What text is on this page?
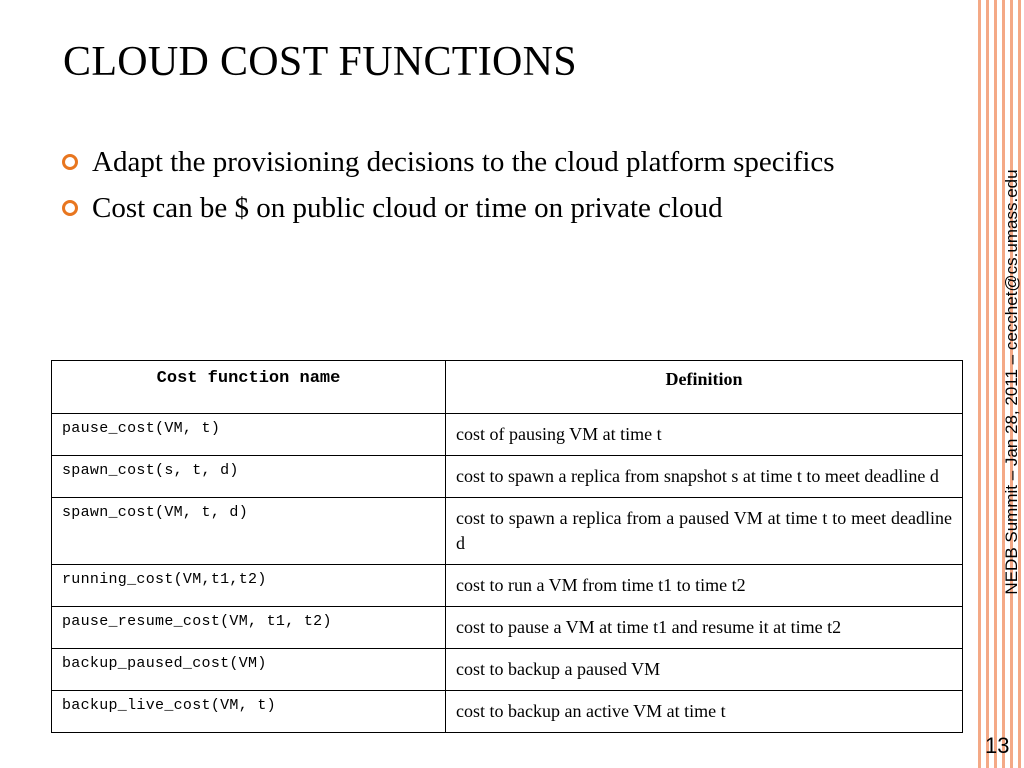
CLOUD COST FUNCTIONS
Adapt the provisioning decisions to the cloud platform specifics
Cost can be $ on public cloud or time on private cloud
Cost function name	Definition
pause_cost(VM, t)	cost of pausing VM at time t
spawn_cost(s, t, d)	cost to spawn a replica from snapshot s at time t to meet deadline d
spawn_cost(VM, t, d)	cost to spawn a replica from a paused VM at time t to meet deadline d
running_cost(VM,t1,t2)	cost to run a VM from time t1 to time t2
pause_resume_cost(VM, t1, t2)	cost to pause a VM at time t1 and resume it at time t2
backup_paused_cost(VM)	cost to backup a paused VM
backup_live_cost(VM, t)	cost to backup an active VM at time t
NEDB Summit – Jan 28, 2011 – cecchet@cs.umass.edu
13
